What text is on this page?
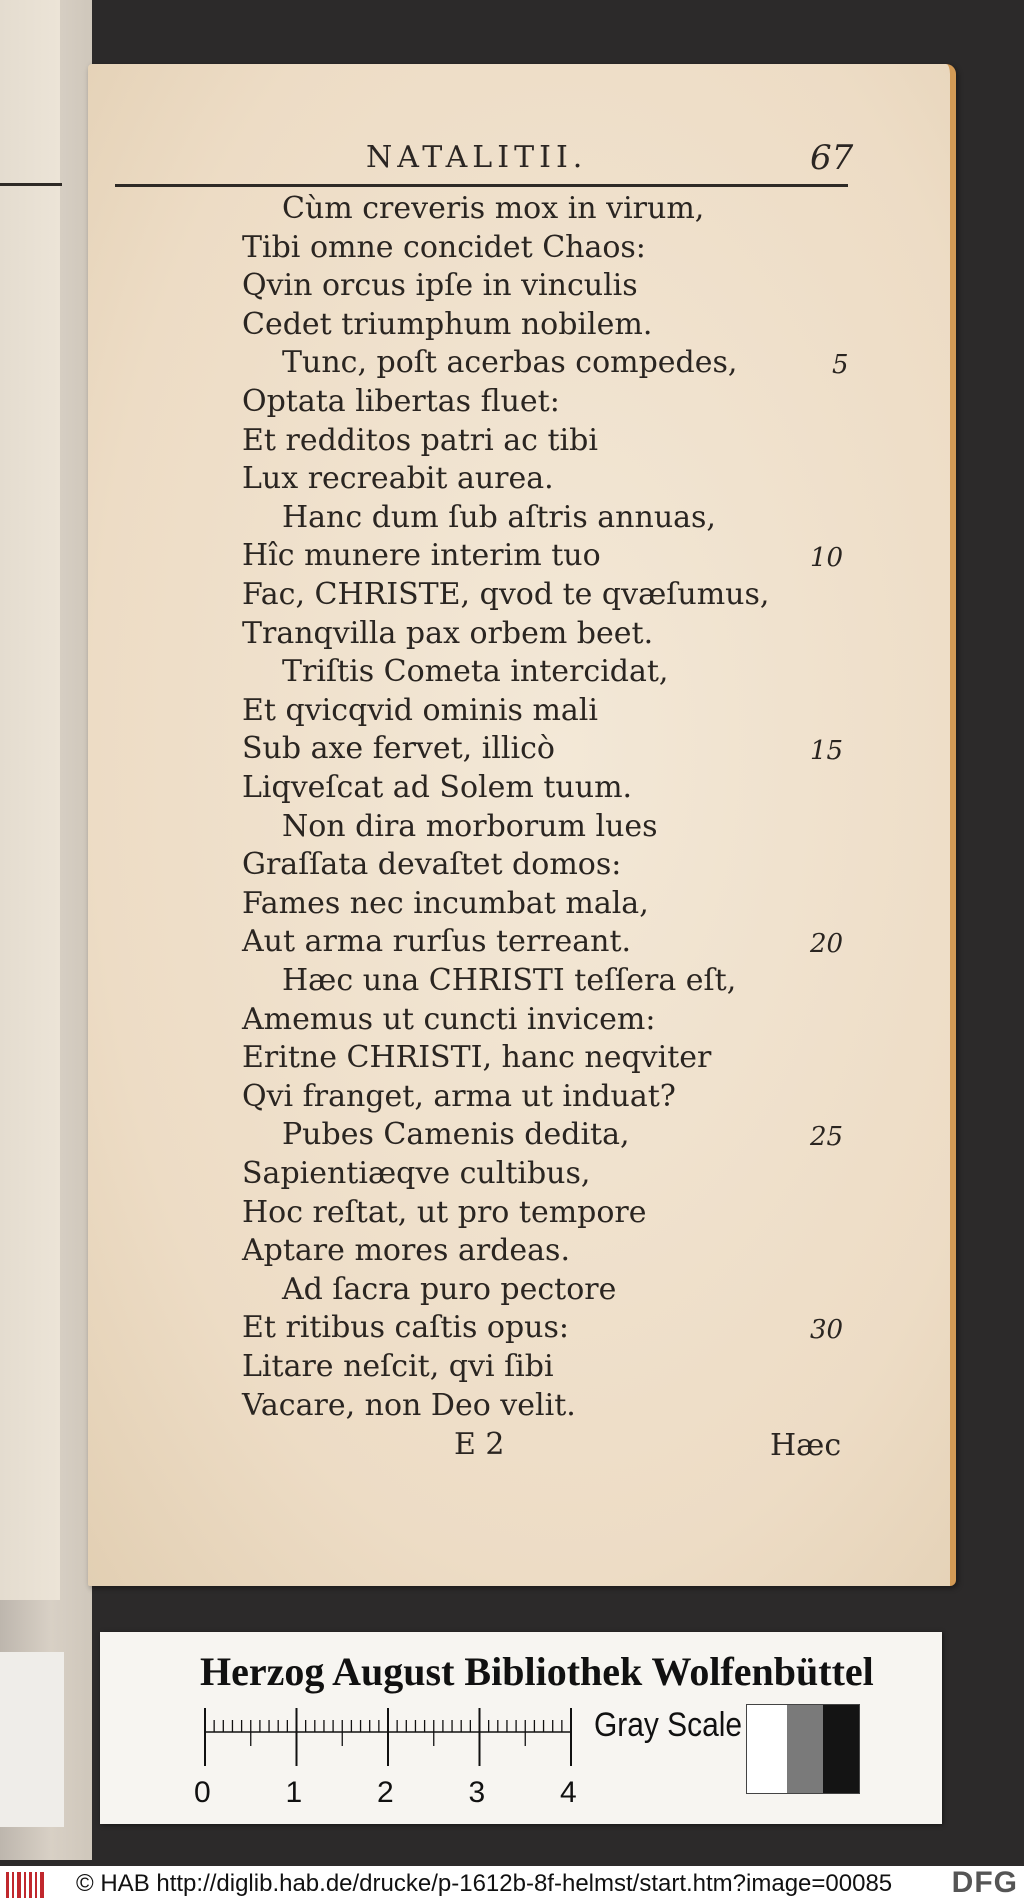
NATALITII.	67
Cùm creveris mox in virum,
Tibi omne concidet Chaos:
Qvin orcus ipſe in vinculis
Cedet triumphum nobilem.
Tunc, poſt acerbas compedes,
Optata libertas fluet:
Et redditos patri ac tibi
Lux recreabit aurea.
Hanc dum ſub aſtris annuas,
Hîc munere interim tuo
Fac, CHRISTE, qvod te qvæſumus,
Tranqvilla pax orbem beet.
Triſtis Cometa intercidat,
Et qvicqvid ominis mali
Sub axe fervet, illicò
Liqveſcat ad Solem tuum.
Non dira morborum lues
Graſſata devaſtet domos:
Fames nec incumbat mala,
Aut arma rurſus terreant.
Hæc una CHRISTI teſſera eſt,
Amemus ut cuncti invicem:
Eritne CHRISTI, hanc neqviter
Qvi franget, arma ut induat?
Pubes Camenis dedita,
Sapientiæqve cultibus,
Hoc reſtat, ut pro tempore
Aptare mores ardeas.
Ad ſacra puro pectore
Et ritibus caſtis opus:
Litare neſcit, qvi ſibi
Vacare, non Deo velit.
5
10
15
20
25
30
E 2	Hæc
Herzog August Bibliothek Wolfenbüttel
0 1 2 3 4
Gray Scale
© HAB http://diglib.hab.de/drucke/p-1612b-8f-helmst/start.htm?image=00085 DFG
